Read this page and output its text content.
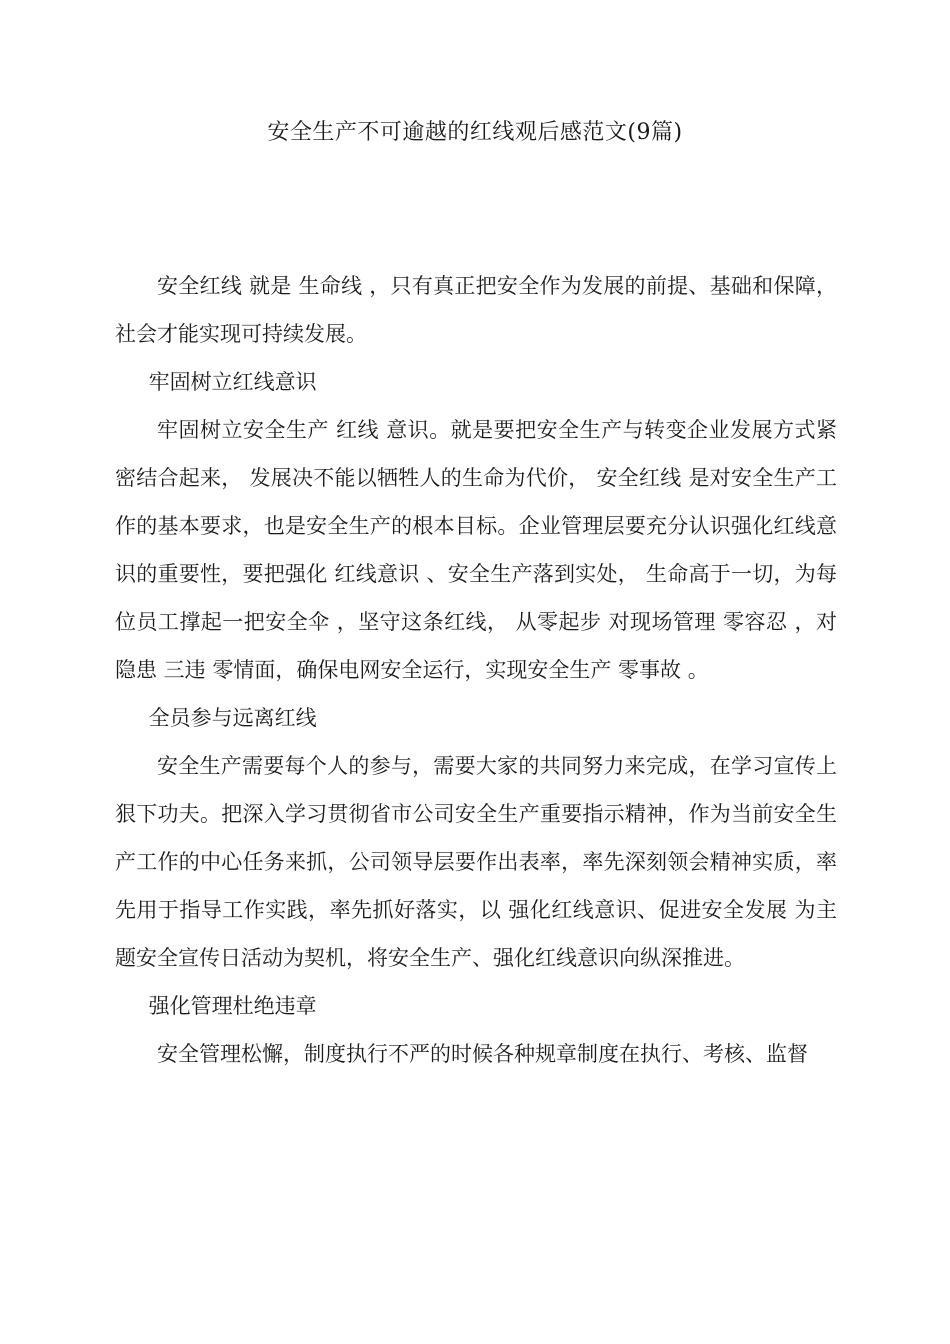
安全生产不可逾越的红线观后感范文(9篇)

安全红线 就是 生命线 ，只有真正把安全作为发展的前提、基础和保障，社会才能实现可持续发展。

牢固树立红线意识

牢固树立安全生产 红线 意识。就是要把安全生产与转变企业发展方式紧密结合起来， 发展决不能以牺牲人的生命为代价， 安全红线 是对安全生产工作的基本要求，也是安全生产的根本目标。企业管理层要充分认识强化红线意识的重要性，要把强化 红线意识 、安全生产落到实处， 生命高于一切，为每位员工撑起一把安全伞 ，坚守这条红线， 从零起步 对现场管理 零容忍 ，对隐患 三违 零情面，确保电网安全运行，实现安全生产 零事故 。

全员参与远离红线

安全生产需要每个人的参与，需要大家的共同努力来完成，在学习宣传上狠下功夫。把深入学习贯彻省市公司安全生产重要指示精神，作为当前安全生产工作的中心任务来抓，公司领导层要作出表率，率先深刻领会精神实质，率先用于指导工作实践，率先抓好落实，以 强化红线意识、促进安全发展 为主题安全宣传日活动为契机，将安全生产、强化红线意识向纵深推进。

强化管理杜绝违章

安全管理松懈，制度执行不严的时候各种规章制度在执行、考核、监督
